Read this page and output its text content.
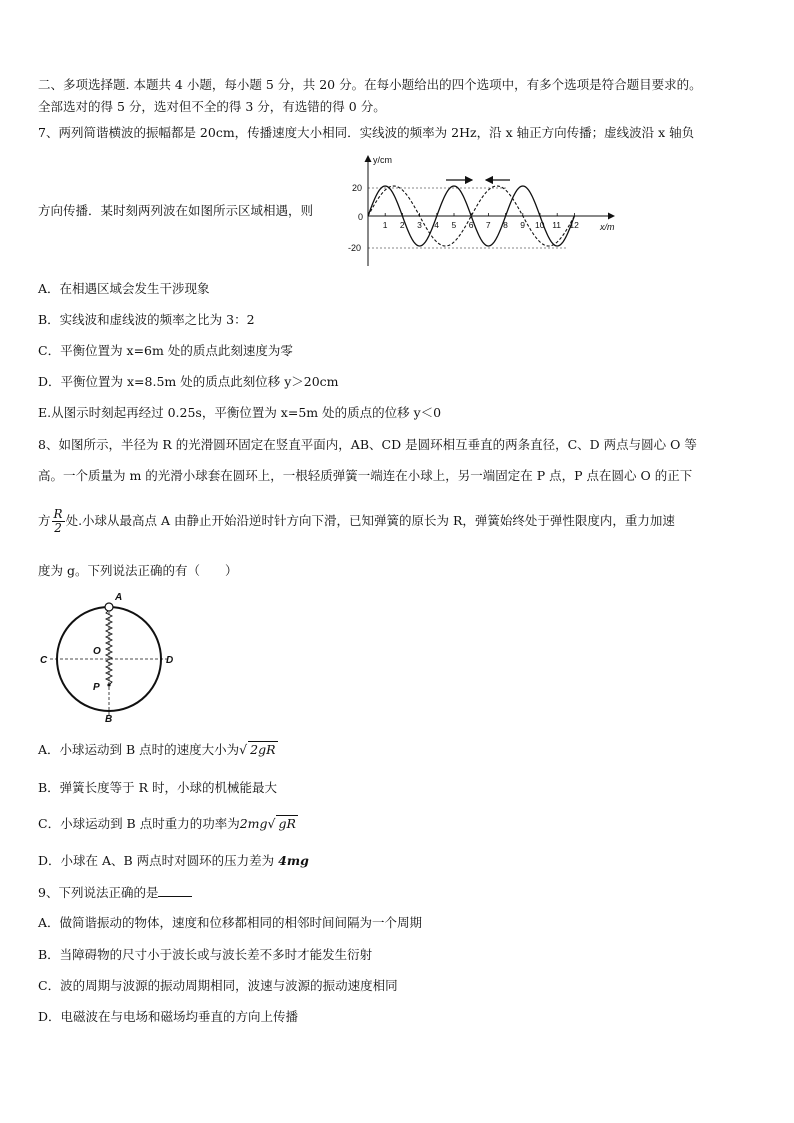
二、多项选择题. 本题共 4 小题，每小题 5 分，共 20 分。在每小题给出的四个选项中，有多个选项是符合题目要求的。
全部选对的得 5 分，选对但不全的得 3 分，有选错的得 0 分。
7、两列简谐横波的振幅都是 20cm，传播速度大小相同．实线波的频率为 2Hz，沿 x 轴正方向传播；虚线波沿 x 轴负
方向传播．某时刻两列波在如图所示区域相遇，则
y/cm
x/m
0
20
-20
1 2 3 4 5 6 7 8 9 10 11 12
A．在相遇区域会发生干涉现象
B．实线波和虚线波的频率之比为 3：2
C．平衡位置为 x=6m 处的质点此刻速度为零
D．平衡位置为 x=8.5m 处的质点此刻位移 y＞20cm
E.从图示时刻起再经过 0.25s，平衡位置为 x=5m 处的质点的位移 y＜0
8、如图所示，半径为 R 的光滑圆环固定在竖直平面内，AB、CD 是圆环相互垂直的两条直径，C、D 两点与圆心 O 等
高。一个质量为 m 的光滑小球套在圆环上，一根轻质弹簧一端连在小球上，另一端固定在 P 点，P 点在圆心 O 的正下
方 $\frac{R}{2}$ 处.小球从最高点 A 由静止开始沿逆时针方向下滑，已知弹簧的原长为 R，弹簧始终处于弹性限度内，重力加速
度为 g。下列说法正确的有（　　）
A
B
C	D
O
P
A．小球运动到 B 点时的速度大小为√ 2gR
B．弹簧长度等于 R 时，小球的机械能最大
C．小球运动到 B 点时重力的功率为2mg√ gR
D．小球在 A、B 两点时对圆环的压力差为 4mg
9、下列说法正确的是
A．做简谐振动的物体，速度和位移都相同的相邻时间间隔为一个周期
B．当障碍物的尺寸小于波长或与波长差不多时才能发生衍射
C．波的周期与波源的振动周期相同，波速与波源的振动速度相同
D．电磁波在与电场和磁场均垂直的方向上传播
